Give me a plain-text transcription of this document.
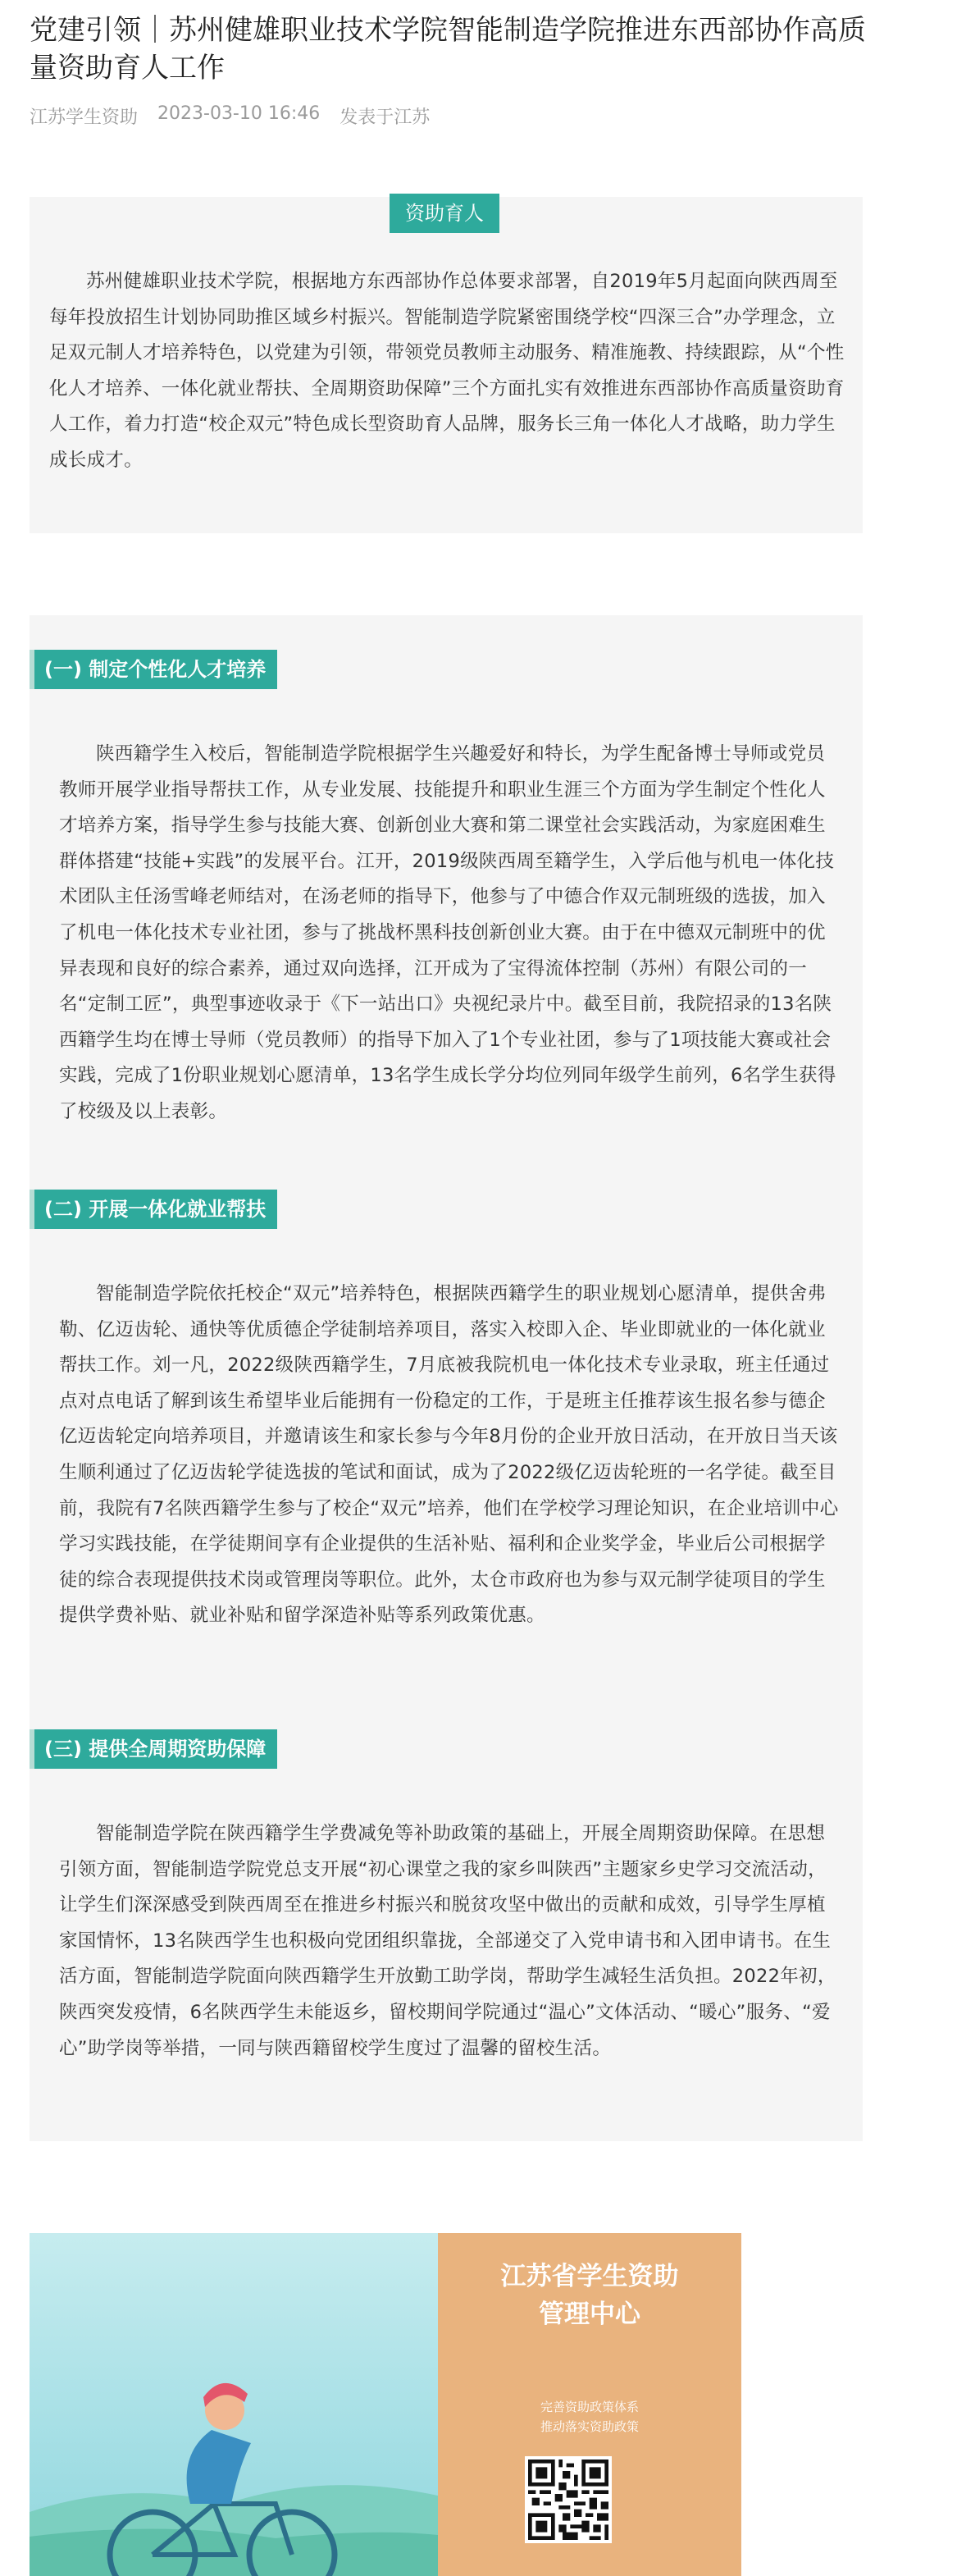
党建引领｜苏州健雄职业技术学院智能制造学院推进东西部协作高质量资助育人工作
江苏学生资助 2023-03-10 16:46 发表于江苏
资助育人

苏州健雄职业技术学院，根据地方东西部协作总体要求部署，自2019年5月起面向陕西周至每年投放招生计划协同助推区域乡村振兴。智能制造学院紧密围绕学校“四深三合”办学理念，立足双元制人才培养特色，以党建为引领，带领党员教师主动服务、精准施教、持续跟踪，从“个性化人才培养、一体化就业帮扶、全周期资助保障”三个方面扎实有效推进东西部协作高质量资助育人工作，着力打造“校企双元”特色成长型资助育人品牌，服务长三角一体化人才战略，助力学生成长成才。

(一) 制定个性化人才培养

陕西籍学生入校后，智能制造学院根据学生兴趣爱好和特长，为学生配备博士导师或党员教师开展学业指导帮扶工作，从专业发展、技能提升和职业生涯三个方面为学生制定个性化人才培养方案，指导学生参与技能大赛、创新创业大赛和第二课堂社会实践活动，为家庭困难生群体搭建“技能+实践”的发展平台。江开，2019级陕西周至籍学生，入学后他与机电一体化技术团队主任汤雪峰老师结对，在汤老师的指导下，他参与了中德合作双元制班级的选拔，加入了机电一体化技术专业社团，参与了挑战杯黑科技创新创业大赛。由于在中德双元制班中的优异表现和良好的综合素养，通过双向选择，江开成为了宝得流体控制（苏州）有限公司的一名“定制工匠”，典型事迹收录于《下一站出口》央视纪录片中。截至目前，我院招录的13名陕西籍学生均在博士导师（党员教师）的指导下加入了1个专业社团，参与了1项技能大赛或社会实践，完成了1份职业规划心愿清单，13名学生成长学分均位列同年级学生前列，6名学生获得了校级及以上表彰。

(二) 开展一体化就业帮扶

智能制造学院依托校企“双元”培养特色，根据陕西籍学生的职业规划心愿清单，提供舍弗勒、亿迈齿轮、通快等优质德企学徒制培养项目，落实入校即入企、毕业即就业的一体化就业帮扶工作。刘一凡，2022级陕西籍学生，7月底被我院机电一体化技术专业录取，班主任通过点对点电话了解到该生希望毕业后能拥有一份稳定的工作，于是班主任推荐该生报名参与德企亿迈齿轮定向培养项目，并邀请该生和家长参与今年8月份的企业开放日活动，在开放日当天该生顺利通过了亿迈齿轮学徒选拔的笔试和面试，成为了2022级亿迈齿轮班的一名学徒。截至目前，我院有7名陕西籍学生参与了校企“双元”培养，他们在学校学习理论知识，在企业培训中心学习实践技能，在学徒期间享有企业提供的生活补贴、福利和企业奖学金，毕业后公司根据学徒的综合表现提供技术岗或管理岗等职位。此外，太仓市政府也为参与双元制学徒项目的学生提供学费补贴、就业补贴和留学深造补贴等系列政策优惠。

(三) 提供全周期资助保障

智能制造学院在陕西籍学生学费减免等补助政策的基础上，开展全周期资助保障。在思想引领方面，智能制造学院党总支开展“初心课堂之我的家乡叫陕西”主题家乡史学习交流活动，让学生们深深感受到陕西周至在推进乡村振兴和脱贫攻坚中做出的贡献和成效，引导学生厚植家国情怀，13名陕西学生也积极向党团组织靠拢，全部递交了入党申请书和入团申请书。在生活方面，智能制造学院面向陕西籍学生开放勤工助学岗，帮助学生减轻生活负担。2022年初，陕西突发疫情，6名陕西学生未能返乡，留校期间学院通过“温心”文体活动、“暖心”服务、“爱心”助学岗等举措，一同与陕西籍留校学生度过了温馨的留校生活。

江苏省学生资助
管理中心
完善资助政策体系
推动落实资助政策
